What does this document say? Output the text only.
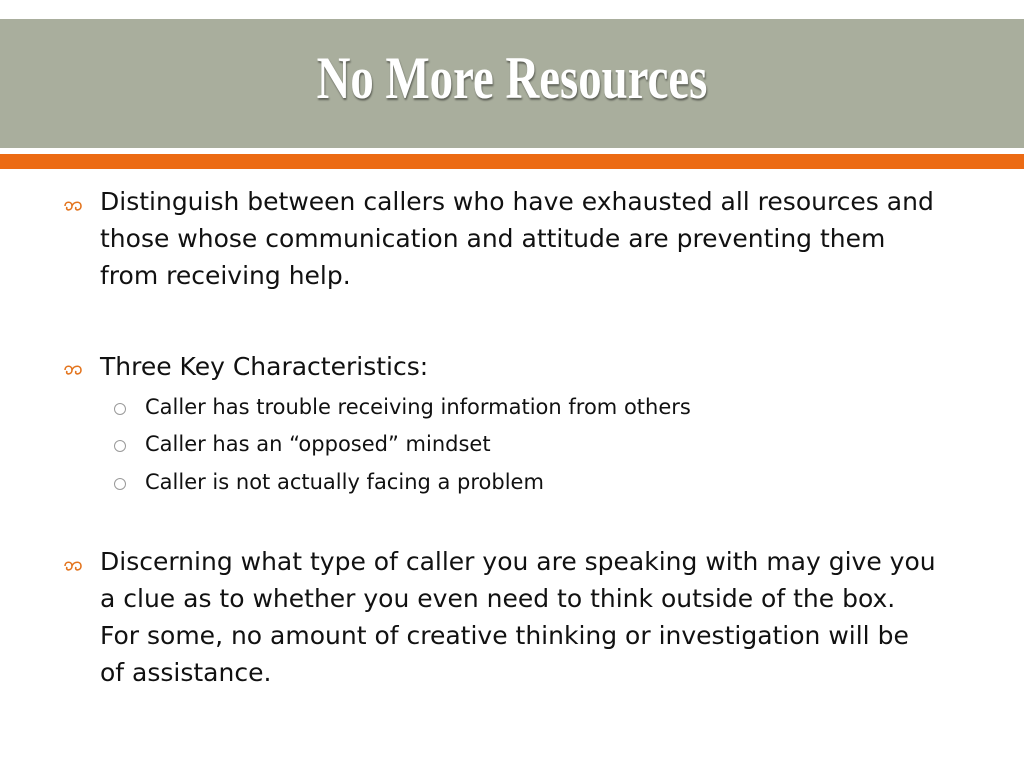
No More Resources
Distinguish between callers who have exhausted all resources and those whose communication and attitude are preventing them from receiving help.
Three Key Characteristics:
Caller has trouble receiving information from others
Caller has an “opposed” mindset
Caller is not actually facing a problem
Discerning what type of caller you are speaking with may give you a clue as to whether you even need to think outside of the box. For some, no amount of creative thinking or investigation will be of assistance.
